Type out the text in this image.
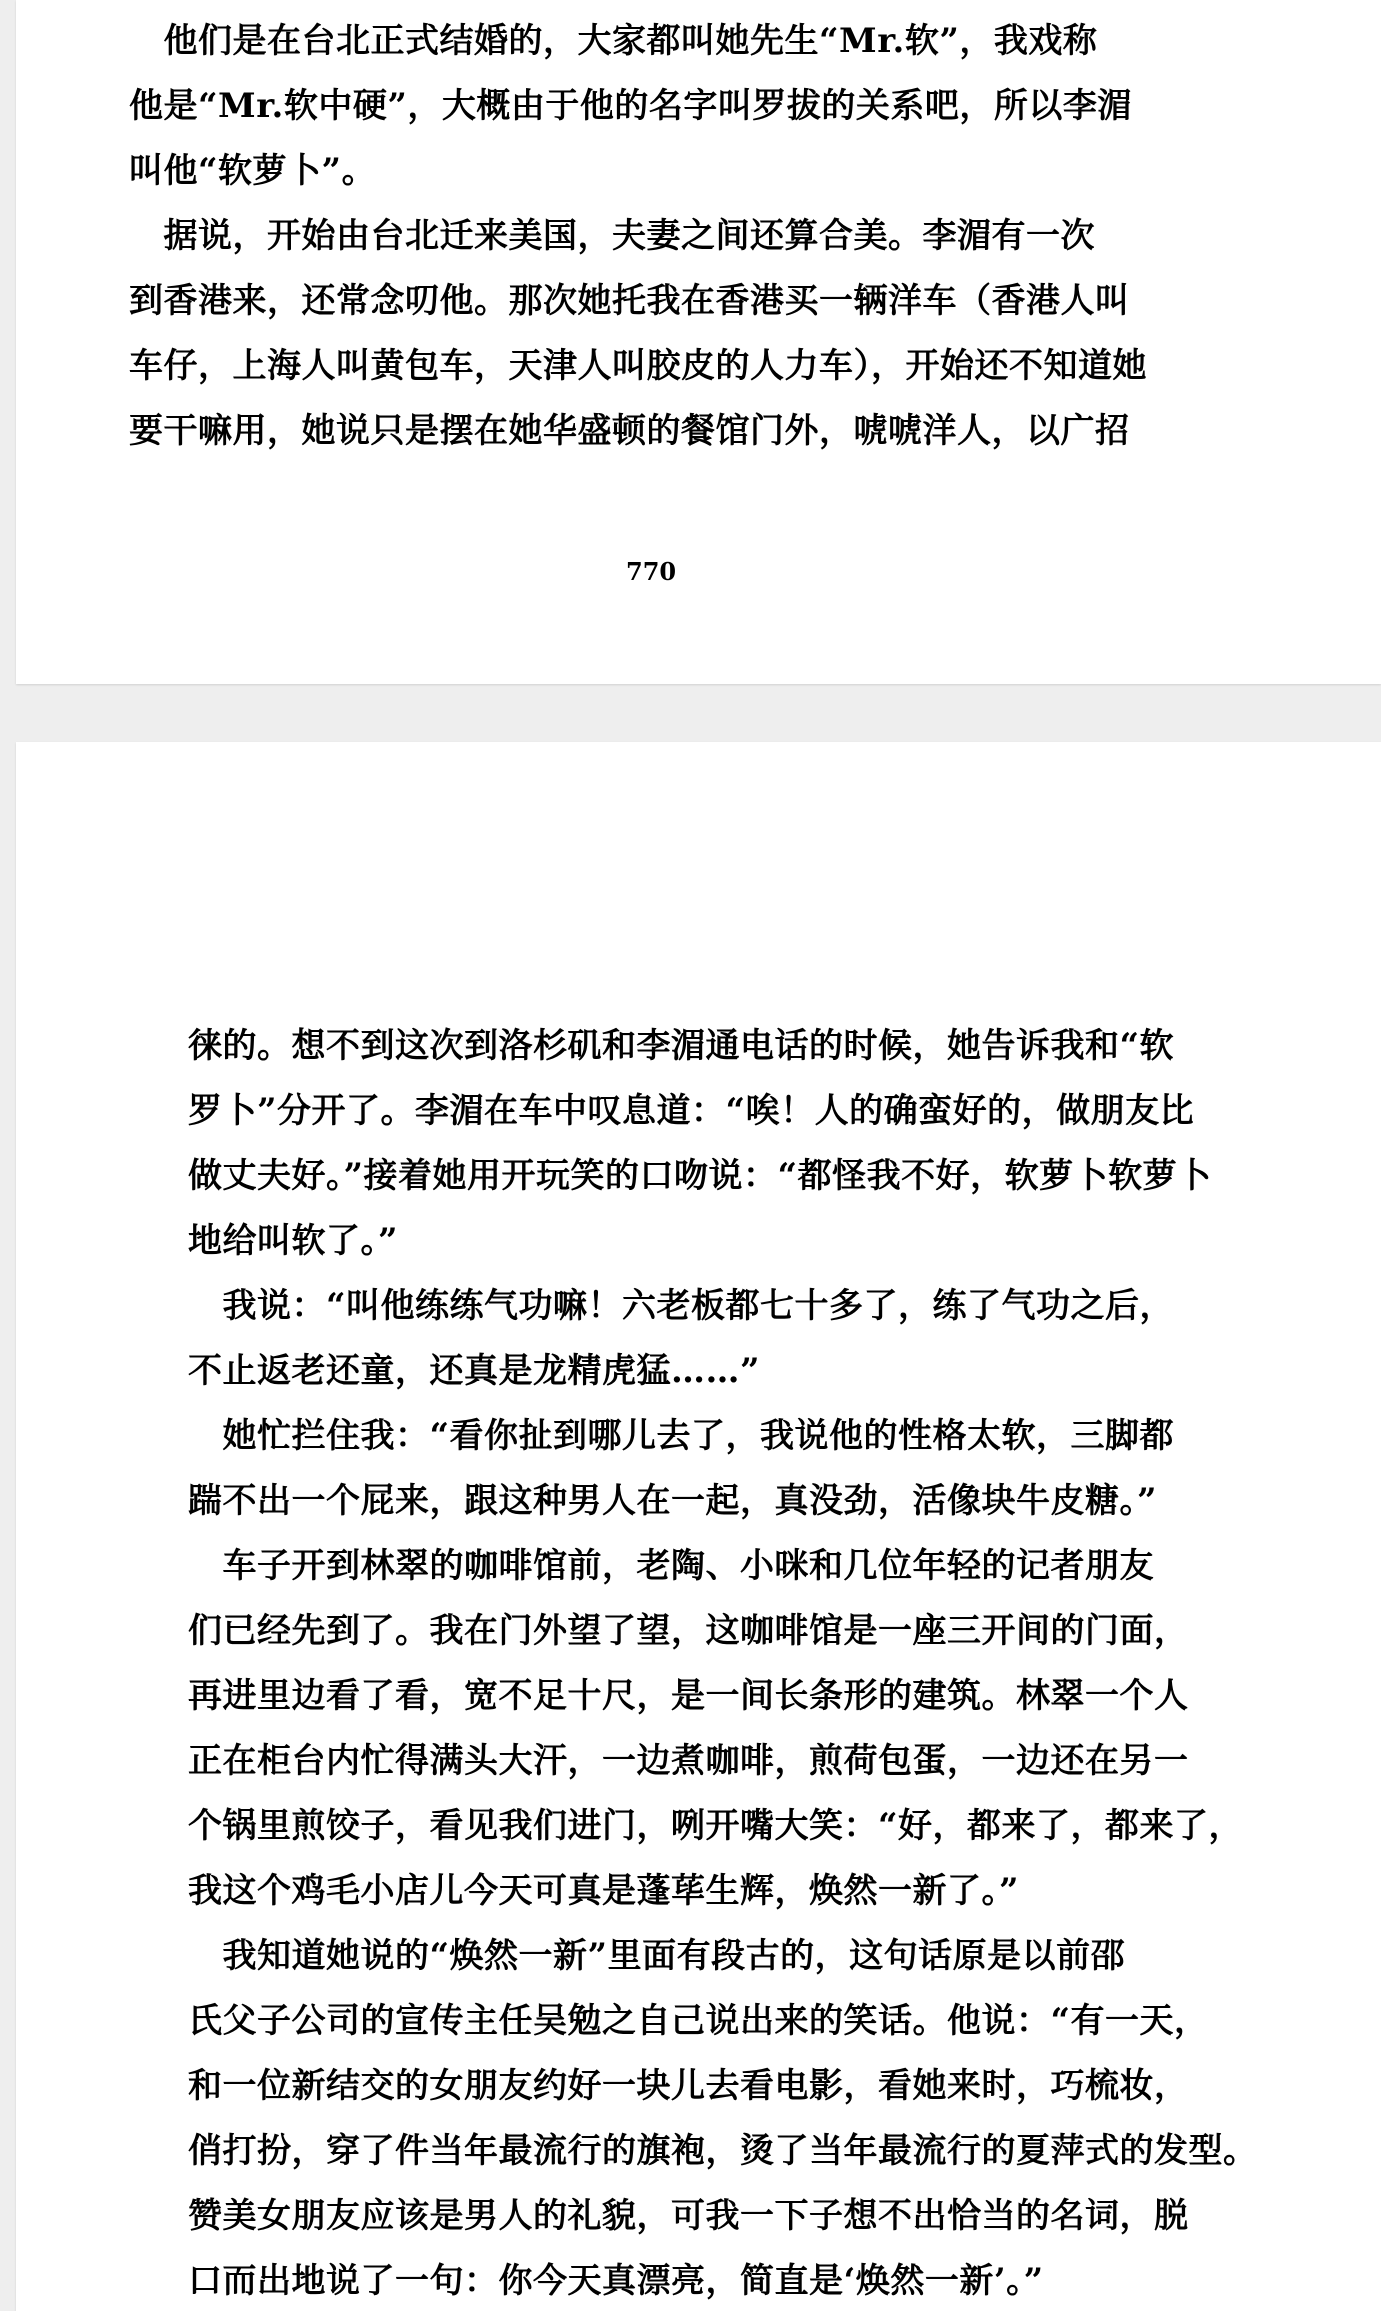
　他们是在台北正式结婚的，大家都叫她先生“Mr.软”，我戏称
他是“Mr.软中硬”，大概由于他的名字叫罗拔的关系吧，所以李湄
叫他“软萝卜”。
　据说，开始由台北迁来美国，夫妻之间还算合美。李湄有一次
到香港来，还常念叨他。那次她托我在香港买一辆洋车（香港人叫
车仔，上海人叫黄包车，天津人叫胶皮的人力车），开始还不知道她
要干嘛用，她说只是摆在她华盛顿的餐馆门外，唬唬洋人，以广招
770
徕的。想不到这次到洛杉矶和李湄通电话的时候，她告诉我和“软
罗卜”分开了。李湄在车中叹息道：“唉！人的确蛮好的，做朋友比
做丈夫好。”接着她用开玩笑的口吻说：“都怪我不好，软萝卜软萝卜
地给叫软了。”
　我说：“叫他练练气功嘛！六老板都七十多了，练了气功之后，
不止返老还童，还真是龙精虎猛……”
　她忙拦住我：“看你扯到哪儿去了，我说他的性格太软，三脚都
踹不出一个屁来，跟这种男人在一起，真没劲，活像块牛皮糖。”
　车子开到林翠的咖啡馆前，老陶、小咪和几位年轻的记者朋友
们已经先到了。我在门外望了望，这咖啡馆是一座三开间的门面，
再进里边看了看，宽不足十尺，是一间长条形的建筑。林翠一个人
正在柜台内忙得满头大汗，一边煮咖啡，煎荷包蛋，一边还在另一
个锅里煎饺子，看见我们进门，咧开嘴大笑：“好，都来了，都来了，
我这个鸡毛小店儿今天可真是蓬荜生辉，焕然一新了。”
　我知道她说的“焕然一新”里面有段古的，这句话原是以前邵
氏父子公司的宣传主任吴勉之自己说出来的笑话。他说：“有一天，
和一位新结交的女朋友约好一块儿去看电影，看她来时，巧梳妆，
俏打扮，穿了件当年最流行的旗袍，烫了当年最流行的夏萍式的发型。
赞美女朋友应该是男人的礼貌，可我一下子想不出恰当的名词，脱
口而出地说了一句：你今天真漂亮，简直是‘焕然一新’。”
